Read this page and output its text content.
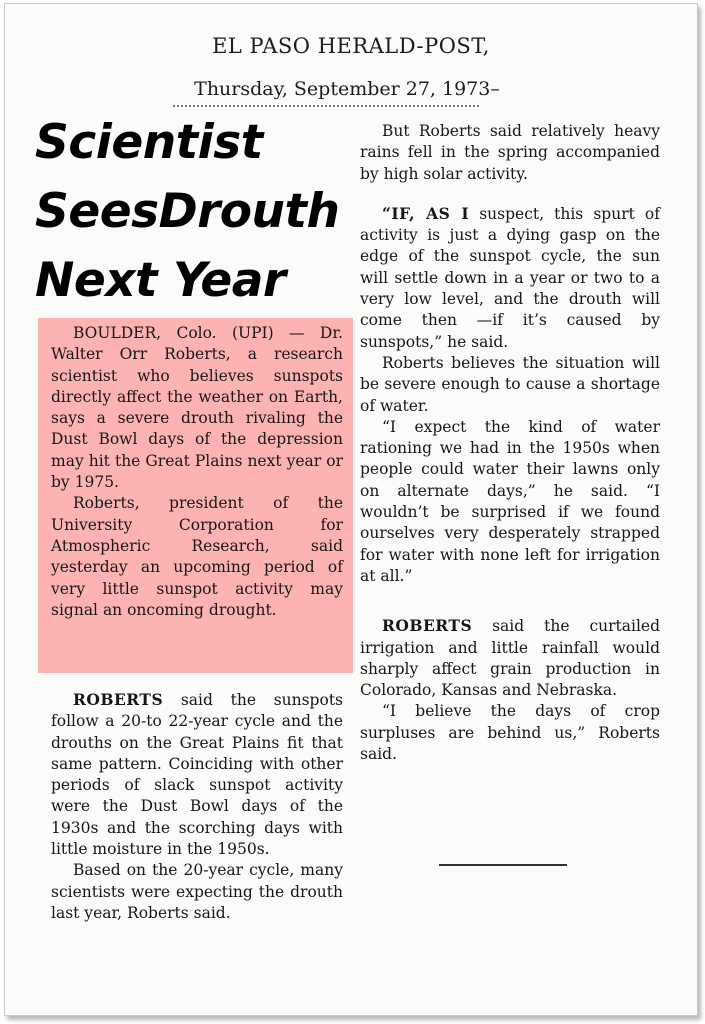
EL PASO HERALD-POST,
Thursday, September 27, 1973–
Scientist
SeesDrouth
Next Year

BOULDER, Colo. (UPI) — Dr. Walter Orr Roberts, a research scientist who believes sunspots directly affect the weather on Earth, says a severe drouth rivaling the Dust Bowl days of the depression may hit the Great Plains next year or by 1975.

Roberts, president of the University Corporation for Atmospheric Research, said yesterday an upcoming period of very little sunspot activity may signal an oncoming drought.

ROBERTS said the sunspots follow a 20-to 22-year cycle and the drouths on the Great Plains fit that same pattern. Coinciding with other periods of slack sunspot activity were the Dust Bowl days of the 1930s and the scorching days with little moisture in the 1950s.

Based on the 20-year cycle, many scientists were expecting the drouth last year, Roberts said.

But Roberts said relatively heavy rains fell in the spring accompanied by high solar activity.

“IF, AS I suspect, this spurt of activity is just a dying gasp on the edge of the sunspot cycle, the sun will settle down in a year or two to a very low level, and the drouth will come then —if it’s caused by sunspots,” he said.

Roberts believes the situation will be severe enough to cause a shortage of water.

“I expect the kind of water rationing we had in the 1950s when people could water their lawns only on alternate days,” he said. “I wouldn’t be surprised if we found ourselves very desperately strapped for water with none left for irrigation at all.”

ROBERTS said the curtailed irrigation and little rainfall would sharply affect grain production in Colorado, Kansas and Nebraska.

“I believe the days of crop surpluses are behind us,” Roberts said.
